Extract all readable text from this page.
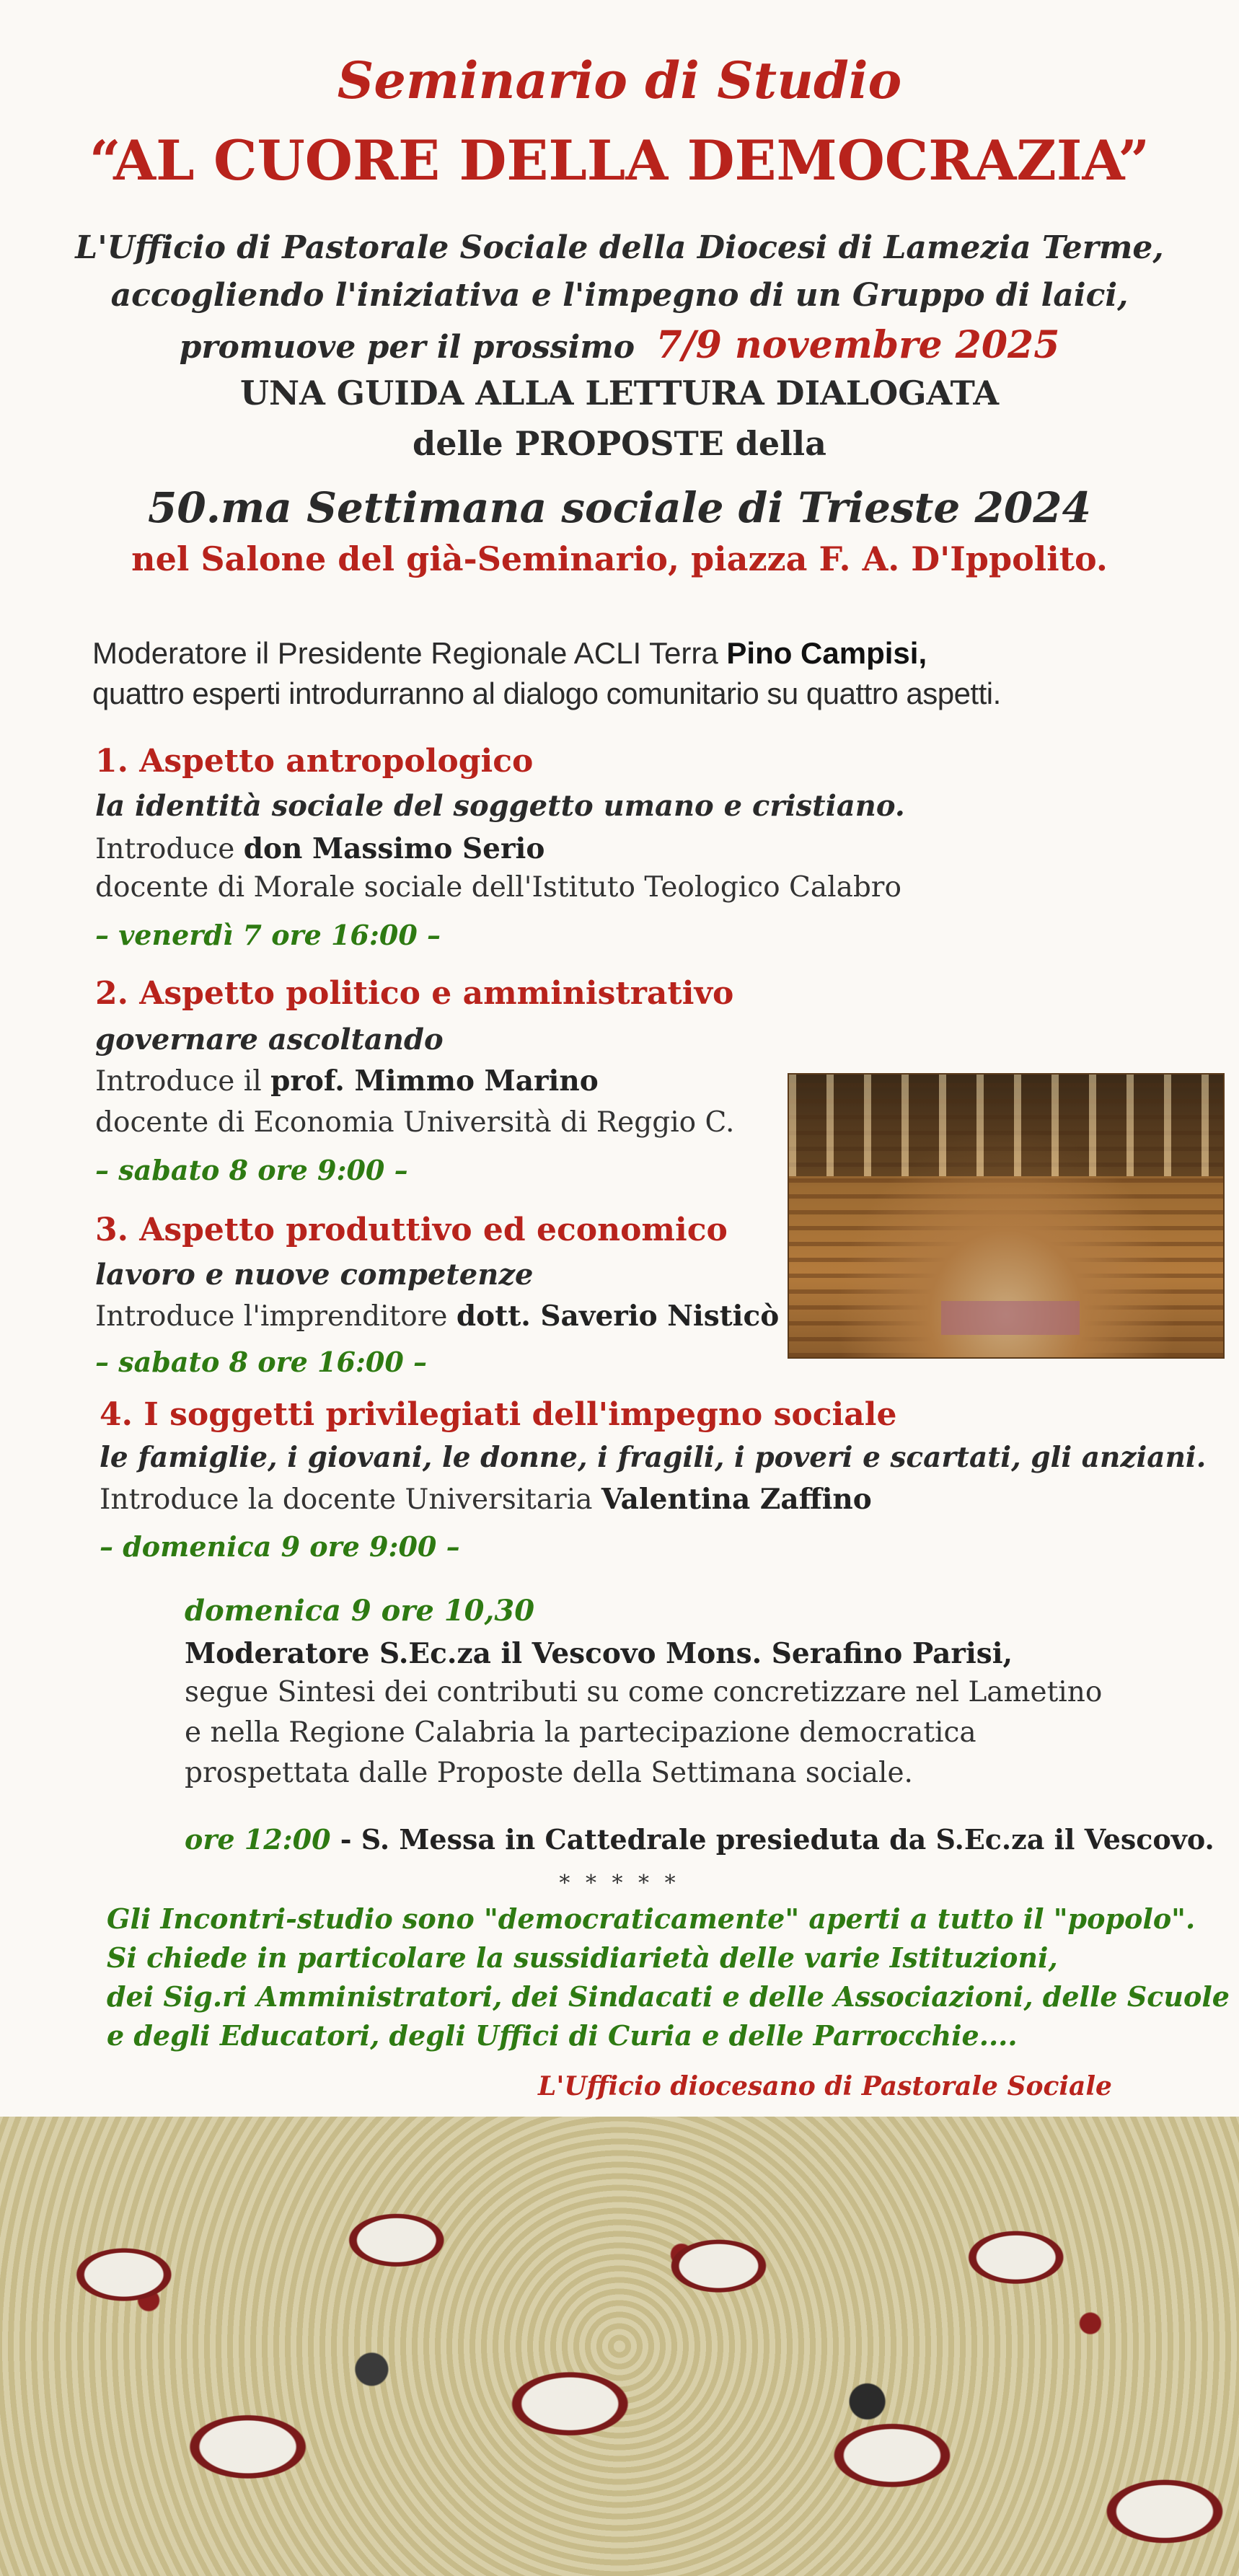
Seminario di Studio
“AL CUORE DELLA DEMOCRAZIA”
L'Ufficio di Pastorale Sociale della Diocesi di Lamezia Terme,
accogliendo l'iniziativa e l'impegno di un Gruppo di laici,
promuove per il prossimo 7/9 novembre 2025
UNA GUIDA ALLA LETTURA DIALOGATA
delle PROPOSTE della
50.ma Settimana sociale di Trieste 2024
nel Salone del già-Seminario, piazza F. A. D'Ippolito.
Moderatore il Presidente Regionale ACLI Terra Pino Campisi,
quattro esperti introdurranno al dialogo comunitario su quattro aspetti.
1. Aspetto antropologico
la identità sociale del soggetto umano e cristiano.
Introduce don Massimo Serio
docente di Morale sociale dell'Istituto Teologico Calabro
– venerdì 7 ore 16:00 –
2. Aspetto politico e amministrativo
governare ascoltando
Introduce il prof. Mimmo Marino
docente di Economia Università di Reggio C.
– sabato 8 ore 9:00 –
3. Aspetto produttivo ed economico
lavoro e nuove competenze
Introduce l'imprenditore dott. Saverio Nisticò
– sabato 8 ore 16:00 –
4. I soggetti privilegiati dell'impegno sociale
le famiglie, i giovani, le donne, i fragili, i poveri e scartati, gli anziani.
Introduce la docente Universitaria Valentina Zaffino
– domenica 9 ore 9:00 –
domenica 9 ore 10,30
Moderatore S.Ec.za il Vescovo Mons. Serafino Parisi,
segue Sintesi dei contributi su come concretizzare nel Lametino
e nella Regione Calabria la partecipazione democratica
prospettata dalle Proposte della Settimana sociale.
ore 12:00 - S. Messa in Cattedrale presieduta da S.Ec.za il Vescovo.
* * * * *
Gli Incontri-studio sono "democraticamente" aperti a tutto il "popolo".
Si chiede in particolare la sussidiarietà delle varie Istituzioni,
dei Sig.ri Amministratori, dei Sindacati e delle Associazioni, delle Scuole
e degli Educatori, degli Uffici di Curia e delle Parrocchie....
L'Ufficio diocesano di Pastorale Sociale
